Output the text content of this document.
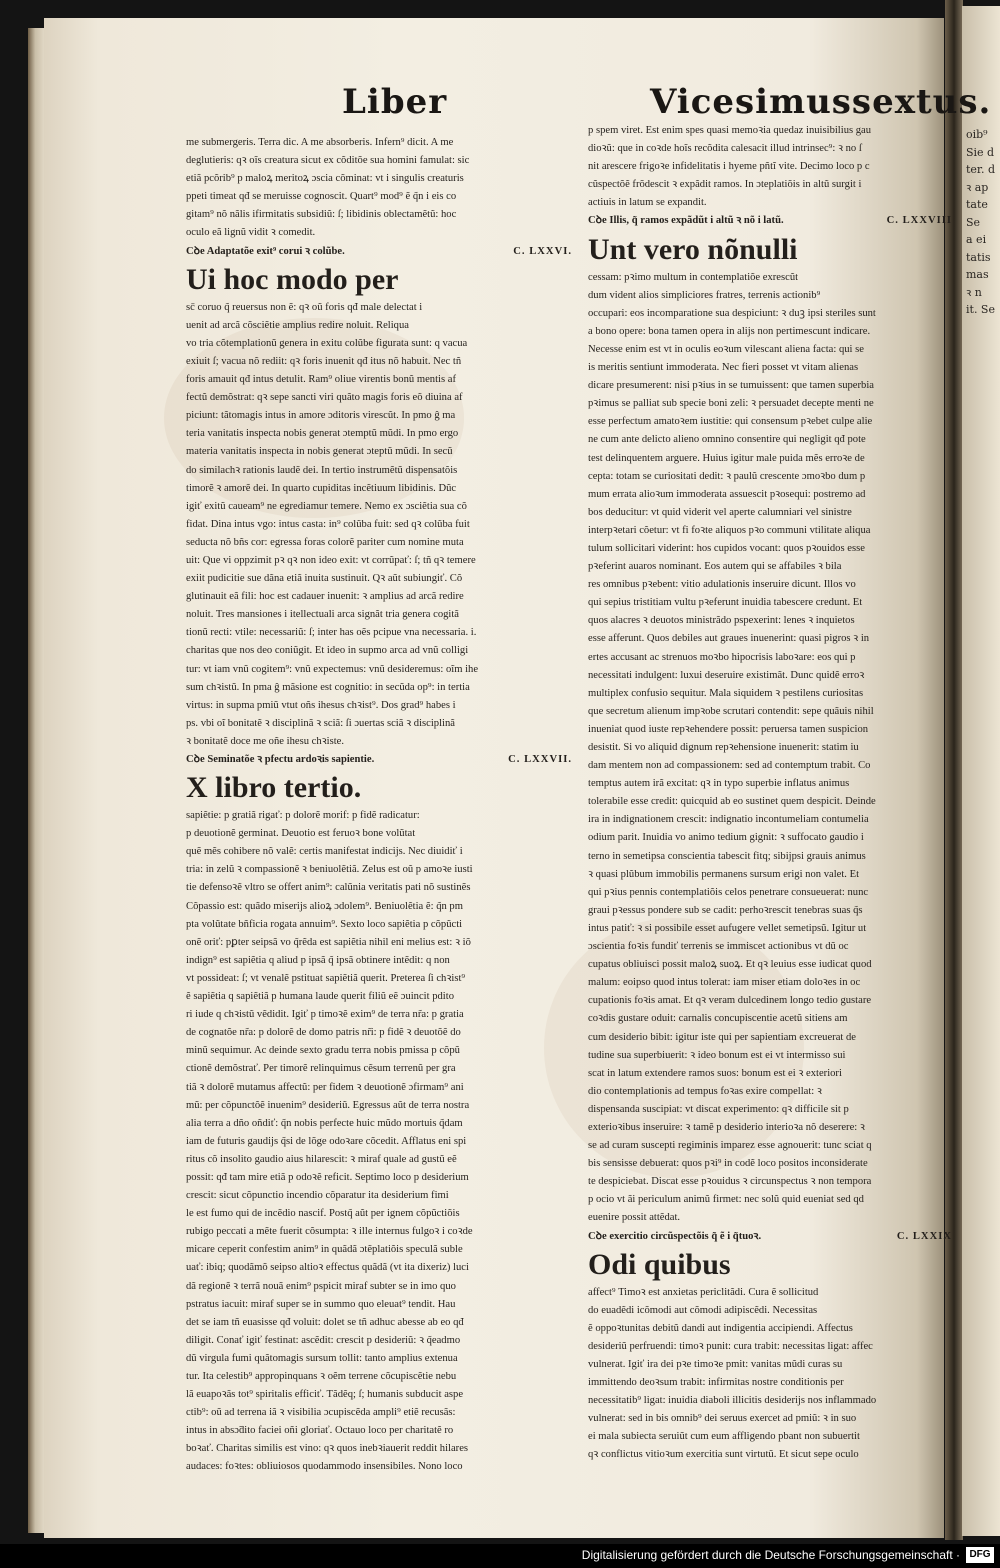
oib⁹
Sie d
ter. d
ꝛ ap
tate
Se
a ei
tatis
mas
ꝛ n
it. Se
Liber	Vicesimussextus.
me submergeris. Terra dic. A me absorberis. Infern⁹ dicit. A me
deglutieris: qꝛ oĩs creatura sicut ex cõditõe sua homini famulat: sic
etiã pcõrib⁹ p maloꝝ meritoꝝ ɔscia cõminat: vt i singulis creaturis
ppeti timeat qđ se meruisse cognoscit. Quart⁹ mod⁹ ẽ q̃n i eis co
gitam⁹ nõ nãlis ifirmitatis subsidiũ: ſ; libidinis oblectamẽtũ: hoc
oculo eã lignũ vidit ꝛ comedit.
C. LXXVI.
Cꝺe Adaptatõe exit⁹ corui ꝛ colũbe.
Ui hoc modo per
sc̄ coruo q̃ reuersus non ẽ: qꝛ oũ foris qđ male delectat i
uenit ad arcã cõsciẽtie amplius redire noluit. Reliqua
vo tria cõtemplationũ genera in exitu colũbe figurata sunt: q vacua
exiuit ſ; vacua nõ rediit: qꝛ foris inuenit qđ itus nõ habuit. Nec tñ
foris amauit qđ intus detulit. Ram⁹ oliue virentis bonũ mentis af
fectũ demõstrat: qꝛ sepe sancti viri quãto magis foris eõ diuina af
piciunt: tãtomagis intus in amore ɔditoris virescũt. In pmo ĝ ma
teria vanitatis inspecta nobis generat ɔtemptũ mũdi. In pmo ergo
materia vanitatis inspecta in nobis generat ɔteptũ mũdi. In secũ
do similachꝛ rationis laudẽ dei. In tertio instrumẽtũ dispensatõis
timorẽ ꝛ amorẽ dei. In quarto cupiditas incẽtiuum libidinis. Dũc
igiť exitũ caueam⁹ ne egrediamur temere. Nemo ex ɔsciẽtia sua cõ
fidat. Dina intus vgo: intus casta: in⁹ colũba fuit: sed qꝛ colũba fuit
seducta nõ bñs cor: egressa foras colorẽ pariter cum nomine muta
uit: Que vi oppzimit pꝛ qꝛ non ideo exit: vt corrũpať: ſ; tñ qꝛ temere
exiit pudicitie sue dãna etiã inuita sustinuit. Qꝛ aũt subiungiť. Cõ
glutinauit eã fili: hoc est cadauer inuenit: ꝛ amplius ad arcã redire
noluit. Tres mansiones i itellectuali arca signãt tria genera cogitã
tionũ recti: vtile: necessariũ: ſ; inter has oẽs pcipue vna necessaria. i.
charitas que nos deo coniũgit. Et ideo in supmo arca ad vnũ colligi
tur: vt iam vnũ cogitem⁹: vnũ expectemus: vnũ desideremus: oĩm ihe
sum chꝛistũ. In pma ĝ mãsione est cognitio: in secũda op⁹: in tertia
virtus: in supma pmiũ vtut oñs ihesus chꝛist⁹. Dos grad⁹ habes i
ps. vbi oĩ bonitatẽ ꝛ disciplinã ꝛ sciã: ſi ɔuertas sciã ꝛ disciplinã
ꝛ bonitatẽ doce me oñe ihesu chꝛiste.
C. LXXVII.
Cꝺe Seminatõe ꝛ pfectu ardoꝛis sapientie.
X libro tertio.
sapiẽtie: p gratiã rigať: p dolorẽ morif: p fidẽ radicatur:
p deuotionẽ germinat. Deuotio est feruoꝛ bone volũtat
quẽ mẽs cohibere nõ valẽ: certis manifestat indicijs. Nec diuidiť i
tria: in zelũ ꝛ compassionẽ ꝛ beniuolẽtiã. Zelus est oũ p amoꝛe iusti
tie defensoꝛẽ vltro se offert anim⁹: calũnia veritatis pati nõ sustinẽs
Cõpassio est: quãdo miserijs alioꝝ ɔdolem⁹. Beniuolẽtia ẽ: q̃n pm
pta volũtate bñficia rogata annuim⁹. Sexto loco sapiẽtia p cõpũcti
onẽ oriť: pꝑter seipsã vo q̃rẽda est sapiẽtia nihil eni melius est: ꝛ iõ
indign⁹ est sapiẽtia q aliud p ipsã q̃ ipsã obtinere intẽdit: q non
vt possideat: ſ; vt venalẽ pstituat sapiẽtiã querit. Preterea ſi chꝛist⁹
ẽ sapiẽtia q sapiẽtiã p humana laude querit filiũ eẽ ɔuincit pdito
ri iude q chꝛistũ vẽdidit. Igiť p timoꝛẽ exim⁹ de terra nr̃a: p gratia
de cognatõe nr̃a: p dolorẽ de domo patris nr̃i: p fidẽ ꝛ deuotõẽ do
minũ sequimur. Ac deinde sexto gradu terra nobis pmissa p cõpũ
ctionẽ demõstrať. Per timorẽ relinquimus cẽsum terrenũ per gra
tiã ꝛ dolorẽ mutamus affectũ: per fidem ꝛ deuotionẽ ɔfirmam⁹ ani
mũ: per cõpunctõẽ inuenim⁹ desideriũ. Egressus aũt de terra nostra
alia terra a dño oñdiť: q̃n nobis perfecte huic mũdo mortuis q̃dam
iam de futuris gaudijs q̃si de lõge odoꝛare cõcedit. Afflatus eni spi
ritus cõ insolito gaudio aius hilarescit: ꝛ miraf quale ad gustũ eẽ
possit: qđ tam mire etiã p odoꝛẽ reficit. Septimo loco p desiderium
crescit: sicut cõpunctio incendio cõparatur ita desiderium fimi
le est fumo qui de incẽdio nascif. Postq̃ aũt per ignem cõpũctiõis
rubigo peccati a mẽte fuerit cõsumpta: ꝛ ille internus fulgoꝛ i coꝛde
micare ceperit confestim anim⁹ in quãdã ɔtẽplatiõis speculã suble
uať: ibiq; quodãmõ seipso altioꝛ effectus quãdã (vt ita dixeriz) luci
dã regionẽ ꝛ terrã nouã enim⁹ pspicit miraf subter se in imo quo
pstratus iacuit: miraf super se in summo quo eleuat⁹ tendit. Hau
det se iam tñ euasisse qđ voluit: dolet se tñ adhuc abesse ab eo qđ
diligit. Conať igiť festinat: ascẽdit: crescit p desideriũ: ꝛ q̃eadmo
dũ virgula fumi quãtomagis sursum tollit: tanto amplius extenua
tur. Ita celestib⁹ appropinquans ꝛ oẽm terrene cõcupiscẽtie nebu
lã euapoꝛãs tot⁹ spiritalis efficiť. Tãdẽq; ſ; humanis subducit aspe
ctib⁹: oũ ad terrena iã ꝛ visibilia ɔcupiscẽda ampli⁹ etiẽ recusãs:
intus in absɔ̃dito faciei oñi gloriať. Octauo loco per charitatẽ ro
boꝛať. Charitas similis est vino: qꝛ quos inebꝛiauerit reddit hilares
audaces: foꝛtes: obliuiosos quodammodo insensibiles. Nono loco
p spem viret. Est enim spes quasi memoꝛia quedaz inuisibilius gau
dioꝛũ: que in coꝛde hoĩs recõdita calesacit illud intrinsec⁹: ꝛ no ſ
nit arescere frigoꝛe infidelitatis i hyeme pñtĩ vite. Decimo loco p c
cũspectõẽ frõdescit ꝛ expãdit ramos. In ɔteplatiõis in altũ surgit i
actiuis in latum se expandit.
C. LXXVIII
Cꝺe Illis, q̃ ramos expãdũt i altũ ꝛ nõ i latũ.
Unt vero nõnulli
cessam: pꝛimo multum in contemplatiõe exrescũt
dum vident alios simpliciores fratres, terrenis actionib⁹
occupari: eos incomparatione sua despiciunt: ꝛ duꝫ ipsi steriles sunt
a bono opere: bona tamen opera in alijs non pertimescunt indicare.
Necesse enim est vt in oculis eoꝛum vilescant aliena facta: qui se
is meritis sentiunt immoderata. Nec fieri posset vt vitam alienas
dicare presumerent: nisi pꝛius in se tumuissent: que tamen superbia
pꝛimus se palliat sub specie boni zeli: ꝛ persuadet decepte menti ne
esse perfectum amatoꝛem iustitie: qui consensum pꝛebet culpe alie
ne cum ante delicto alieno omnino consentire qui negligit qđ pote
test delinquentem arguere. Huius igitur male puida mẽs erroꝛe de
cepta: totam se curiositati dedit: ꝛ paulũ crescente ɔmoꝛbo dum p
mum errata alioꝛum immoderata assuescit pꝛosequi: postremo ad
bos deducitur: vt quid viderit vel aperte calumniari vel sinistre
interpꝛetari cõetur: vt fi foꝛte aliquos pꝛo communi vtilitate aliqua
tulum sollicitari viderint: hos cupidos vocant: quos pꝛouidos esse
pꝛeferint auaros nominant. Eos autem qui se affabiles ꝛ bila
res omnibus pꝛebent: vitio adulationis inseruire dicunt. Illos vo
qui sepius tristitiam vultu pꝛeferunt inuidia tabescere credunt. Et
quos alacres ꝛ deuotos ministrãdo pspexerint: lenes ꝛ inquietos
esse afferunt. Quos debiles aut graues inuenerint: quasi pigros ꝛ in
ertes accusant ac strenuos moꝛbo hipocrisis laboꝛare: eos qui p
necessitati indulgent: luxui deseruire existimãt. Dunc quidẽ erroꝛ
multiplex confusio sequitur. Mala siquidem ꝛ pestilens curiositas
que secretum alienum impꝛobe scrutari contendit: sepe quãuis nihil
inueniat quod iuste repꝛehendere possit: peruersa tamen suspicion
desistit. Si vo aliquid dignum repꝛehensione inuenerit: statim iu
dam mentem non ad compassionem: sed ad contemptum trabit. Co
temptus autem irã excitat: qꝛ in typo superbie inflatus animus
tolerabile esse credit: quicquid ab eo sustinet quem despicit. Deinde
ira in indignationem crescit: indignatio incontumeliam contumelia
odium parit. Inuidia vo animo tedium gignit: ꝛ suffocato gaudio i
terno in semetipsa conscientia tabescit fitq; sibijpsi grauis animus
ꝛ quasi plũbum immobilis permanens sursum erigi non valet. Et
qui pꝛius pennis contemplatiõis celos penetrare consueuerat: nunc
graui pꝛessus pondere sub se cadit: perhoꝛrescit tenebras suas q̃s
intus patiť: ꝛ si possibile esset aufugere vellet semetipsũ. Igitur ut
ɔscientia foꝛis fundiť terrenis se immiscet actionibus vt dũ oc
cupatus obliuisci possit maloꝝ suoꝝ. Et qꝛ leuius esse iudicat quod
malum: eoipso quod intus tolerat: iam miser etiam doloꝛes in oc
cupationis foꝛis amat. Et qꝛ veram dulcedinem longo tedio gustare
coꝛdis gustare oduit: carnalis concupiscentie acetũ sitiens am
cum desiderio bibit: igitur iste qui per sapientiam excreuerat de
tudine sua superbiuerit: ꝛ ideo bonum est ei vt intermisso sui
scat in latum extendere ramos suos: bonum est ei ꝛ exteriori
dio contemplationis ad tempus foꝛas exire compellat: ꝛ
dispensanda suscipiat: vt discat experimento: qꝛ difficile sit p
exterioꝛibus inseruire: ꝛ tamẽ p desiderio interioꝛa nõ deserere: ꝛ
se ad curam suscepti regiminis imparez esse agnouerit: tunc sciat q
bis sensisse debuerat: quos pꝛi⁹ in codẽ loco positos inconsiderate
te despiciebat. Discat esse pꝛouidus ꝛ circunspectus ꝛ non tempora
p ocio vt ãi periculum animũ firmet: nec solũ quid eueniat sed qd
euenire possit attẽdat.
C. LXXIX
Cꝺe exercitio circũspectõis q̃ ẽ i q̃tuoꝛ.
Odi quibus
affect⁹ Timoꝛ est anxietas periclitãdi. Cura ẽ sollicitud
do euadẽdi icõmodi aut cõmodi adipiscẽdi. Necessitas
ẽ oppoꝛtunitas debitũ dandi aut indigentia accipiendi. Affectus
desideriũ perfruendi: timoꝛ punit: cura trabit: necessitas ligat: affec
vulnerat. Igiť ira dei pꝛe timoꝛe pmit: vanitas mũdi curas su
immittendo deoꝛsum trabit: infirmitas nostre conditionis per
necessitatib⁹ ligat: inuidia diaboli illicitis desiderijs nos inflammado
vulnerat: sed in bis omnib⁹ dei seruus exercet ad pmiũ: ꝛ in suo
ei mala subiecta seruiũt cum eum affligendo pbant non subuertit
qꝛ conflictus vitioꝛum exercitia sunt virtutũ. Et sicut sepe oculo
Digitalisierung gefördert durch die Deutsche Forschungsgemeinschaft · DFG
